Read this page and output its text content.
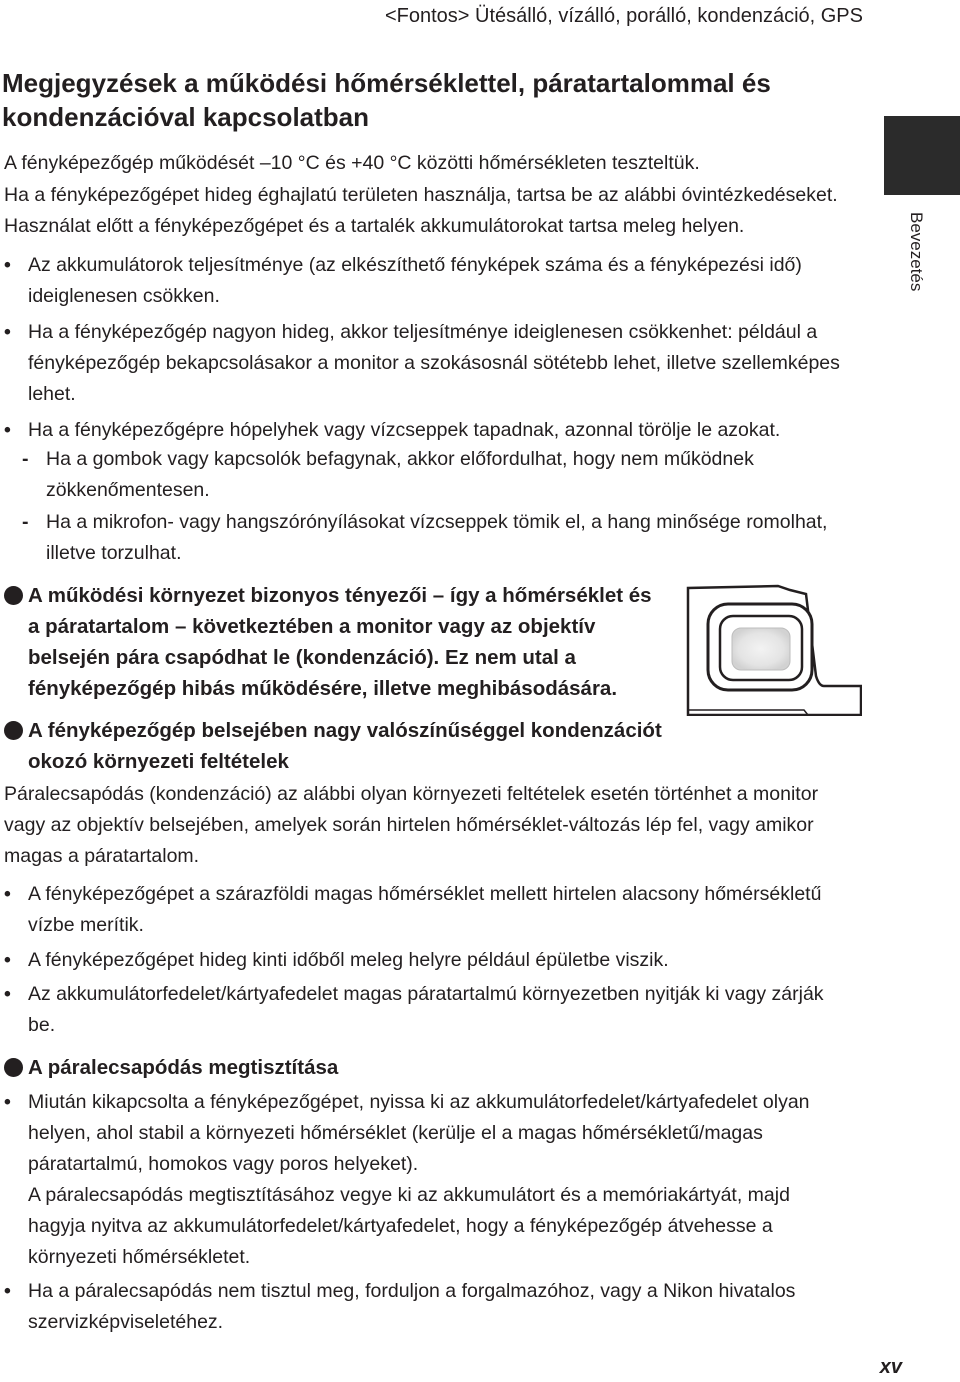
<Fontos> Ütésálló, vízálló, porálló, kondenzáció, GPS
Bevezetés
Megjegyzések a működési hőmérséklettel, páratartalommal és kondenzációval kapcsolatban
A fényképezőgép működését –10 °C és +40 °C közötti hőmérsékleten teszteltük.
Ha a fényképezőgépet hideg éghajlatú területen használja, tartsa be az alábbi óvintézkedéseket.
Használat előtt a fényképezőgépet és a tartalék akkumulátorokat tartsa meleg helyen.
• Az akkumulátorok teljesítménye (az elkészíthető fényképek száma és a fényképezési idő) ideiglenesen csökken.
• Ha a fényképezőgép nagyon hideg, akkor teljesítménye ideiglenesen csökkenhet: például a fényképezőgép bekapcsolásakor a monitor a szokásosnál sötétebb lehet, illetve szellemképes lehet.
• Ha a fényképezőgépre hópelyhek vagy vízcseppek tapadnak, azonnal törölje le azokat.
- Ha a gombok vagy kapcsolók befagynak, akkor előfordulhat, hogy nem működnek zökkenőmentesen.
- Ha a mikrofon- vagy hangszórónyílásokat vízcseppek tömik el, a hang minősége romolhat, illetve torzulhat.
A működési környezet bizonyos tényezői – így a hőmérséklet és a páratartalom – következtében a monitor vagy az objektív belsején pára csapódhat le (kondenzáció). Ez nem utal a fényképezőgép hibás működésére, illetve meghibásodására.
A fényképezőgép belsejében nagy valószínűséggel kondenzációt okozó környezeti feltételek

Páralecsapódás (kondenzáció) az alábbi olyan környezeti feltételek esetén történhet a monitor vagy az objektív belsejében, amelyek során hirtelen hőmérséklet-változás lép fel, vagy amikor magas a páratartalom.

• A fényképezőgépet a szárazföldi magas hőmérséklet mellett hirtelen alacsony hőmérsékletű vízbe merítik.
• A fényképezőgépet hideg kinti időből meleg helyre például épületbe viszik.
• Az akkumulátorfedelet/kártyafedelet magas páratartalmú környezetben nyitják ki vagy zárják be.
A páralecsapódás megtisztítása
• Miután kikapcsolta a fényképezőgépet, nyissa ki az akkumulátorfedelet/kártyafedelet olyan helyen, ahol stabil a környezeti hőmérséklet (kerülje el a magas hőmérsékletű/magas páratartalmú, homokos vagy poros helyeket).
A páralecsapódás megtisztításához vegye ki az akkumulátort és a memóriakártyát, majd hagyja nyitva az akkumulátorfedelet/kártyafedelet, hogy a fényképezőgép átvehesse a környezeti hőmérsékletet.
• Ha a páralecsapódás nem tisztul meg, forduljon a forgalmazóhoz, vagy a Nikon hivatalos szervizképviseletéhez.
xv
